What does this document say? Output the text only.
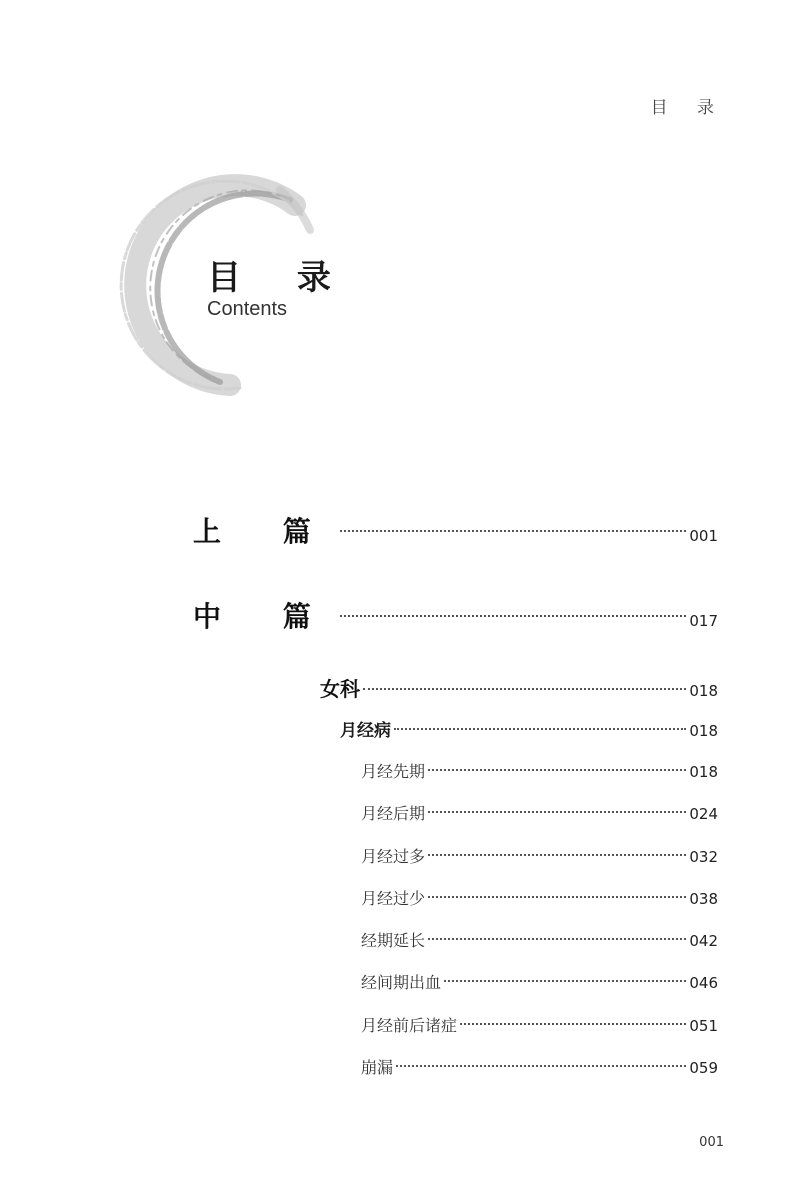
目 录
目 录
Contents
上 篇	001
中 篇	017
女科	018
月经病	018
月经先期	018
月经后期	024
月经过多	032
月经过少	038
经期延长	042
经间期出血	046
月经前后诸症	051
崩漏	059
001
